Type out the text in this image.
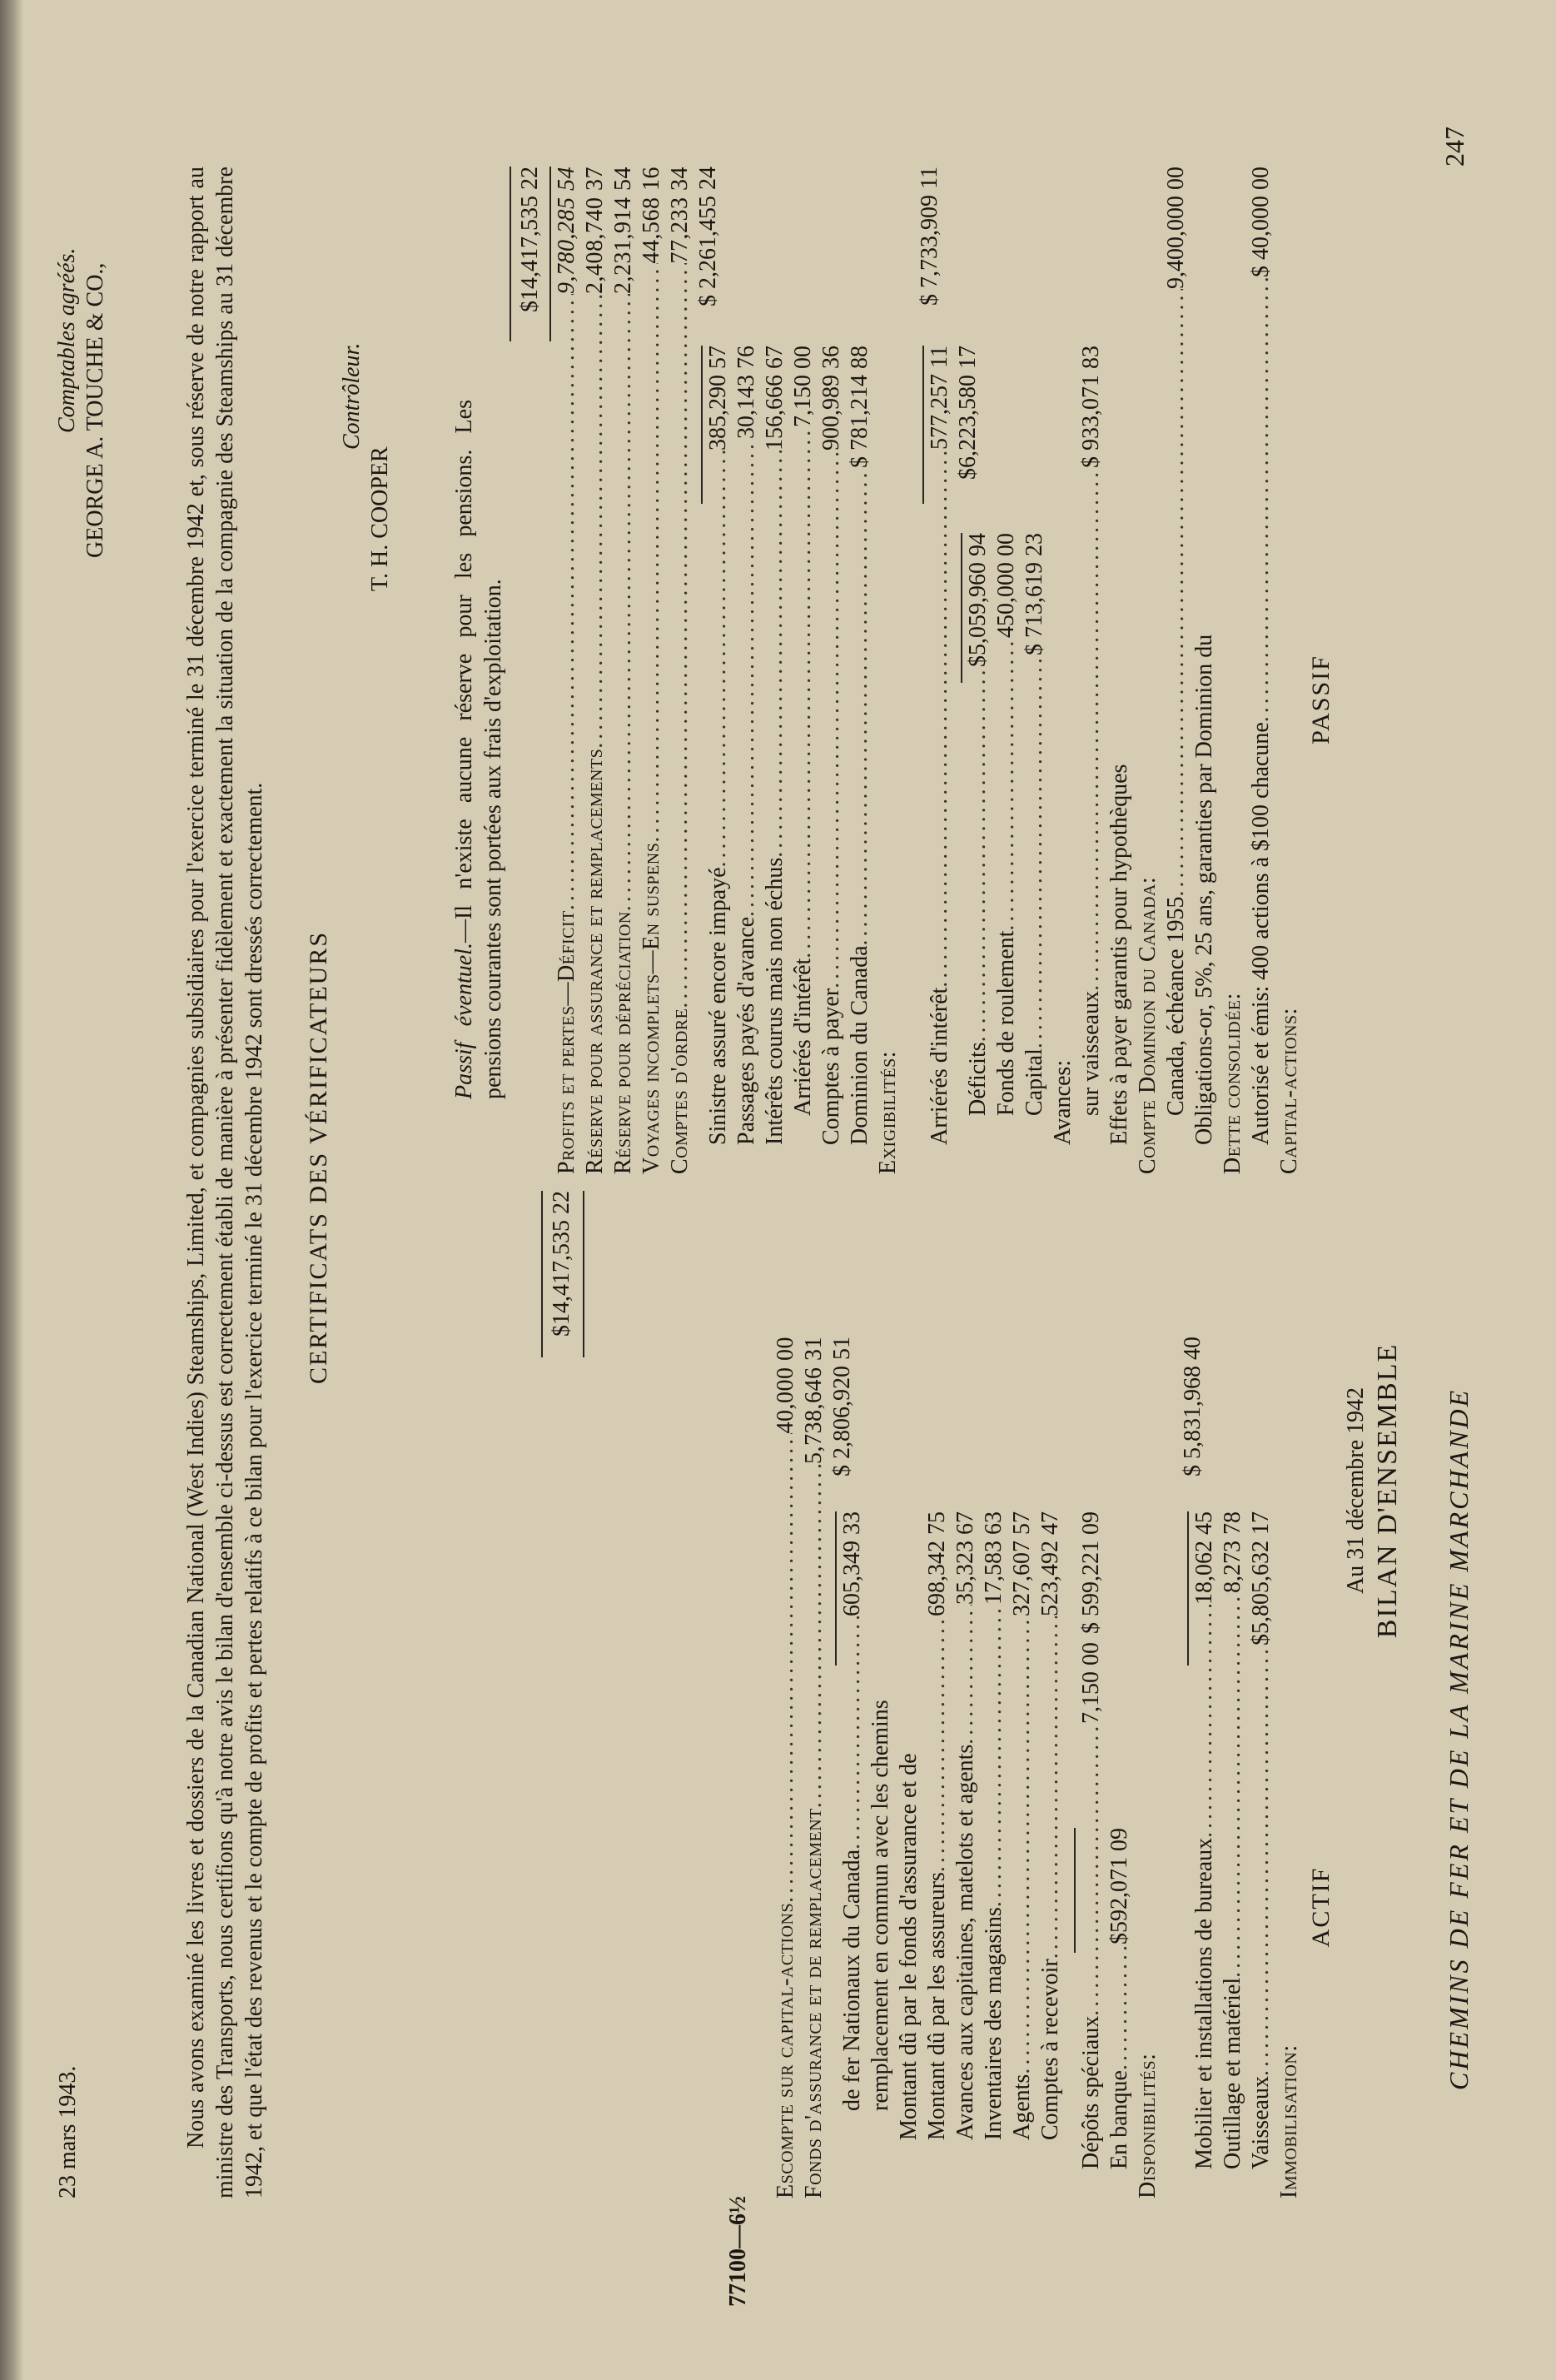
CHEMINS DE FER ET DE LA MARINE MARCHANDE
247
BILAN D'ENSEMBLE
Au 31 décembre 1942
ACTIF
Immobilisation:
Vaisseaux
.....
$5,805,632 17
Outillage et matériel
.....
8,273 78
Mobilier et installations de bureaux
.....
18,062 45
$ 5,831,968 40
Disponibilités:
En banque
.....
$592,071 09
Dépôts spéciaux
.....
7,150 00
$ 599,221 09
Comptes à recevoir
.....
523,492 47
Agents
.....
327,607 57
Inventaires des magasins
.....
17,583 63
Avances aux capitaines, matelots et agents
.....
35,323 67
Montant dû par les assureurs
.....
698,342 75
Montant dû par le fonds d'assurance et de
remplacement en commun avec les chemins
de fer Nationaux du Canada
.....
605,349 33
$ 2,806,920 51
Fonds d'assurance et de remplacement
.....
5,738,646 31
Escompte sur capital-actions
.....
40,000 00
$14,417,535 22
PASSIF
Capital-actions:
Autorisé et émis: 400 actions à $100 chacune
.....
$ 40,000 00
Dette consolidée:
Obligations-or, 5%, 25 ans, garanties par Dominion du
Canada, échéance 1955
.....
9,400,000 00
Compte Dominion du Canada:
Effets à payer garantis pour hypothèques
sur vaisseaux
.....
$ 933,071 83
Avances:
Capital
.....
$ 713,619 23
Fonds de roulement
.....
450,000 00
Déficits
.....
$5,059,960 94
$6,223,580 17
Arriérés d'intérêt
.....
577,257 11
$ 7,733,909 11
Exigibilités:
Dominion du Canada
.....
$ 781,214 88
Comptes à payer
.....
900,989 36
Arriérés d'intérêt
.....
7,150 00
Intérêts courus mais non échus
.....
156,666 67
Passages payés d'avance
.....
30,143 76
Sinistre assuré encore impayé
.....
385,290 57
$ 2,261,455 24
Comptes d'ordre
.....
77,233 34
Voyages incomplets—En suspens
.....
44,568 16
Réserve pour dépréciation
.....
2,231,914 54
Réserve pour assurance et remplacements
.....
2,408,740 37
Profits et pertes—Déficit
.....
9,780,285 54
$14,417,535 22
Passif éventuel.—Il n'existe aucune réserve pour les pensions. Les pensions courantes sont portées aux frais d'exploitation.
T. H. COOPER
Contrôleur.
CERTIFICATS DES VÉRIFICATEURS
Nous avons examiné les livres et dossiers de la Canadian National (West Indies) Steamships, Limited, et compagnies subsidiaires pour l'exercice terminé le 31 décembre 1942 et, sous réserve de notre rapport au ministre des Transports, nous certifions qu'à notre avis le bilan d'ensemble ci-dessus est correctement établi de manière à présenter fidèlement et exactement la situation de la compagnie des Steamships au 31 décembre 1942, et que l'état des revenus et le compte de profits et pertes relatifs à ce bilan pour l'exercice terminé le 31 décembre 1942 sont dressés correctement.
23 mars 1943.
GEORGE A. TOUCHE & CO.,
Comptables agréés.
77100—6½
